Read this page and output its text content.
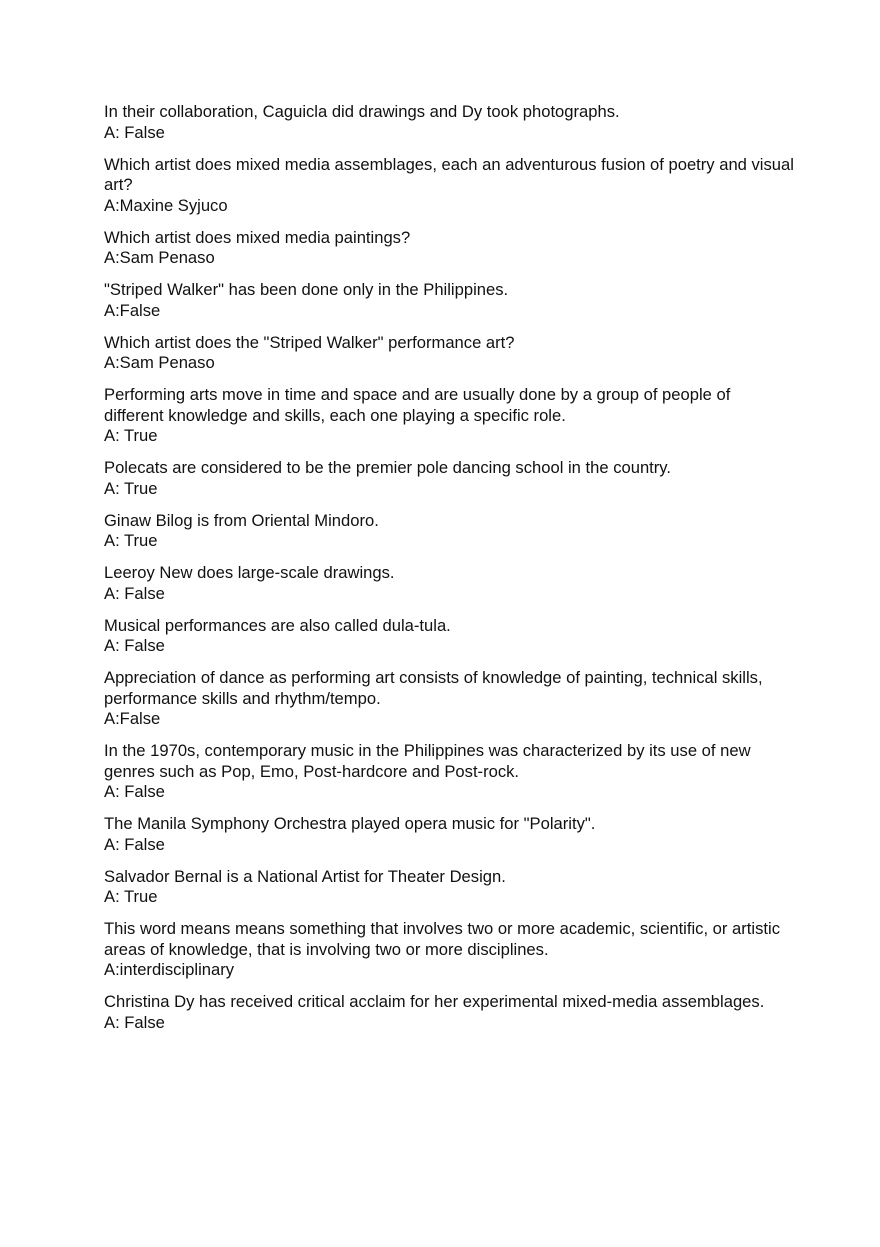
In their collaboration, Caguicla did drawings and Dy took photographs.
A: False
Which artist does mixed media assemblages, each an adventurous fusion of poetry and visual art?
A:Maxine Syjuco
Which artist does mixed media paintings?
A:Sam Penaso
"Striped Walker" has been done only in the Philippines.
A:False
Which artist does the "Striped Walker" performance art?
A:Sam Penaso
Performing arts move in time and space and are usually done by a group of people of different knowledge and skills, each one playing a specific role.
A: True
Polecats are considered to be the premier pole dancing school in the country.
A: True
Ginaw Bilog is from Oriental Mindoro.
A: True
Leeroy New does large-scale drawings.
A: False
Musical performances are also called dula-tula.
A: False
Appreciation of dance as performing art consists of knowledge of painting, technical skills, performance skills and rhythm/tempo.
A:False
In the 1970s, contemporary music in the Philippines was characterized by its use of new genres such as Pop, Emo, Post-hardcore and Post-rock.
A: False
The Manila Symphony Orchestra played opera music for "Polarity".
A: False
Salvador Bernal is a National Artist for Theater Design.
A: True
This word means means something that involves two or more academic, scientific, or artistic areas of knowledge, that is involving two or more disciplines.
A:interdisciplinary
Christina Dy has received critical acclaim for her experimental mixed-media assemblages.
A: False
